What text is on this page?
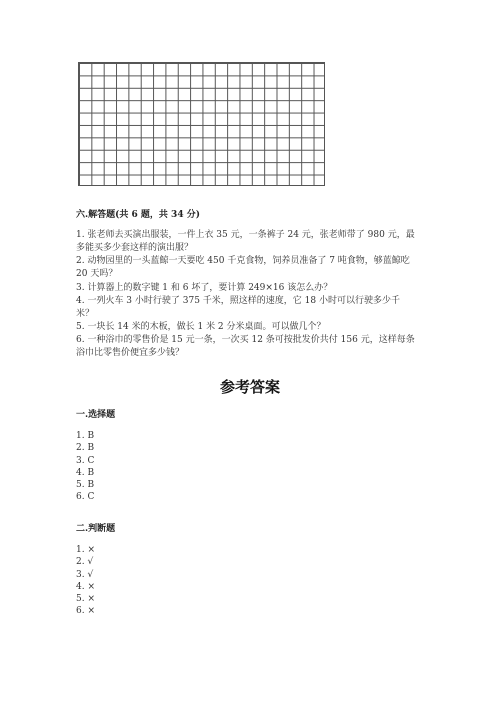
六.解答题(共 6 题，共 34 分)
1. 张老师去买演出服装，一件上衣 35 元，一条裤子 24 元，张老师带了 980 元，最多能买多少套这样的演出服？
2. 动物园里的一头蓝鲸一天要吃 450 千克食物，饲养员准备了 7 吨食物，够蓝鲸吃 20 天吗？
3. 计算器上的数字键 1 和 6 坏了，要计算 249×16 该怎么办？
4. 一列火车 3 小时行驶了 375 千米，照这样的速度，它 18 小时可以行驶多少千米？
5. 一块长 14 米的木板，做长 1 米 2 分米桌面。可以做几个？
6. 一种浴巾的零售价是 15 元一条，一次买 12 条可按批发价共付 156 元，这样每条浴巾比零售价便宜多少钱？
参考答案
一.选择题
1. B
2. B
3. C
4. B
5. B
6. C
二.判断题
1. ×
2. √
3. √
4. ×
5. ×
6. ×
